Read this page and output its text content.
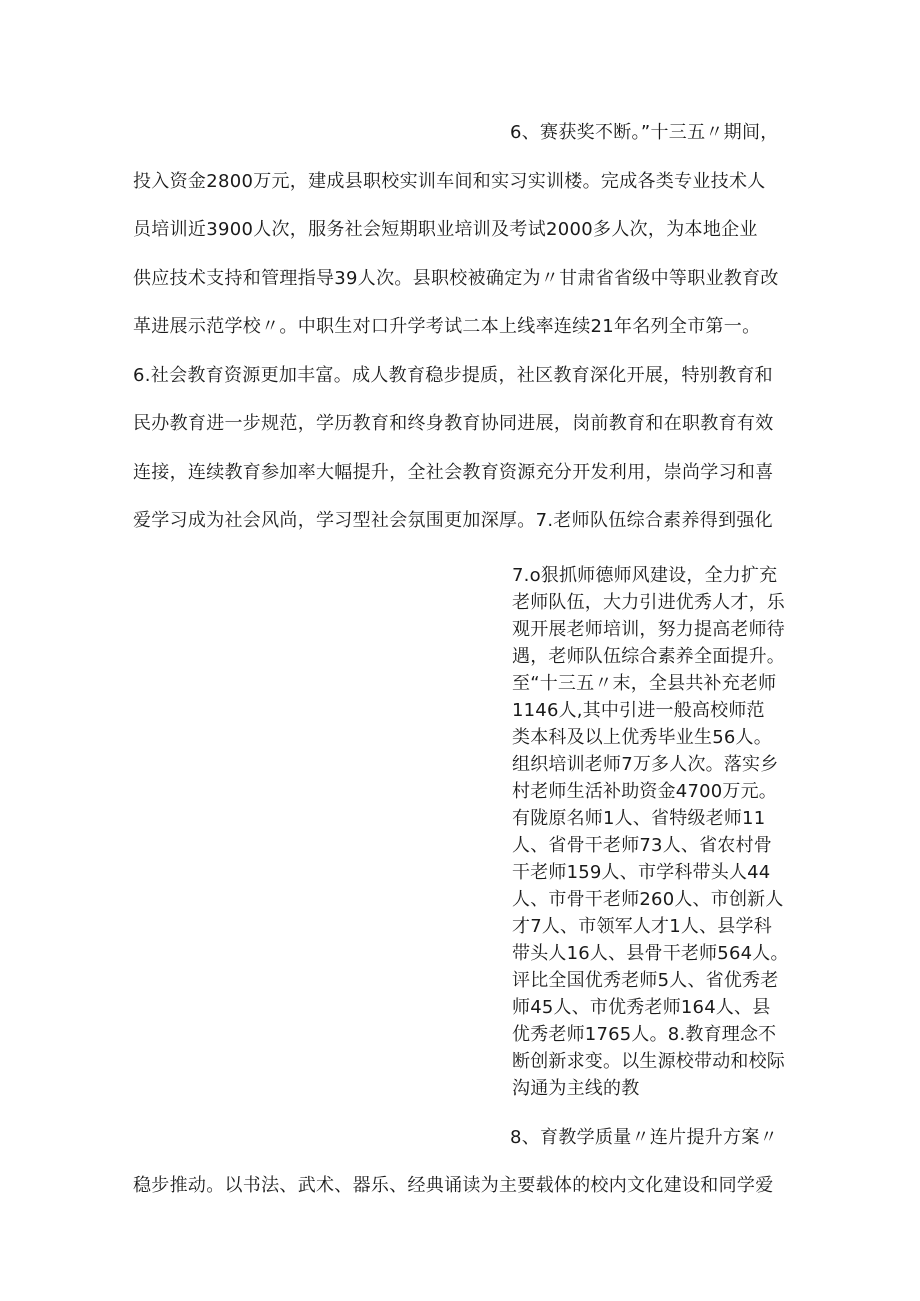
6、赛获奖不断。”十三五〃期间，
投入资金2800万元，建成县职校实训车间和实习实训楼。完成各类专业技术人
员培训近3900人次，服务社会短期职业培训及考试2000多人次，为本地企业
供应技术支持和管理指导39人次。县职校被确定为〃甘肃省省级中等职业教育改
革进展示范学校〃。中职生对口升学考试二本上线率连续21年名列全市第一。
6.社会教育资源更加丰富。成人教育稳步提质，社区教育深化开展，特别教育和
民办教育进一步规范，学历教育和终身教育协同进展，岗前教育和在职教育有效
连接，连续教育参加率大幅提升，全社会教育资源充分开发利用，崇尚学习和喜
爱学习成为社会风尚，学习型社会氛围更加深厚。7.老师队伍综合素养得到强化
7.o狠抓师德师风建设，全力扩充
老师队伍，大力引进优秀人才，乐
观开展老师培训，努力提高老师待
遇，老师队伍综合素养全面提升。
至“十三五〃末，全县共补充老师
1146人,其中引进一般高校师范
类本科及以上优秀毕业生56人。
组织培训老师7万多人次。落实乡
村老师生活补助资金4700万元。
有陇原名师1人、省特级老师11
人、省骨干老师73人、省农村骨
干老师159人、市学科带头人44
人、市骨干老师260人、市创新人
才7人、市领军人才1人、县学科
带头人16人、县骨干老师564人。
评比全国优秀老师5人、省优秀老
师45人、市优秀老师164人、县
优秀老师1765人。8.教育理念不
断创新求变。以生源校带动和校际
沟通为主线的教
8、育教学质量〃连片提升方案〃
稳步推动。以书法、武术、器乐、经典诵读为主要载体的校内文化建设和同学爱
